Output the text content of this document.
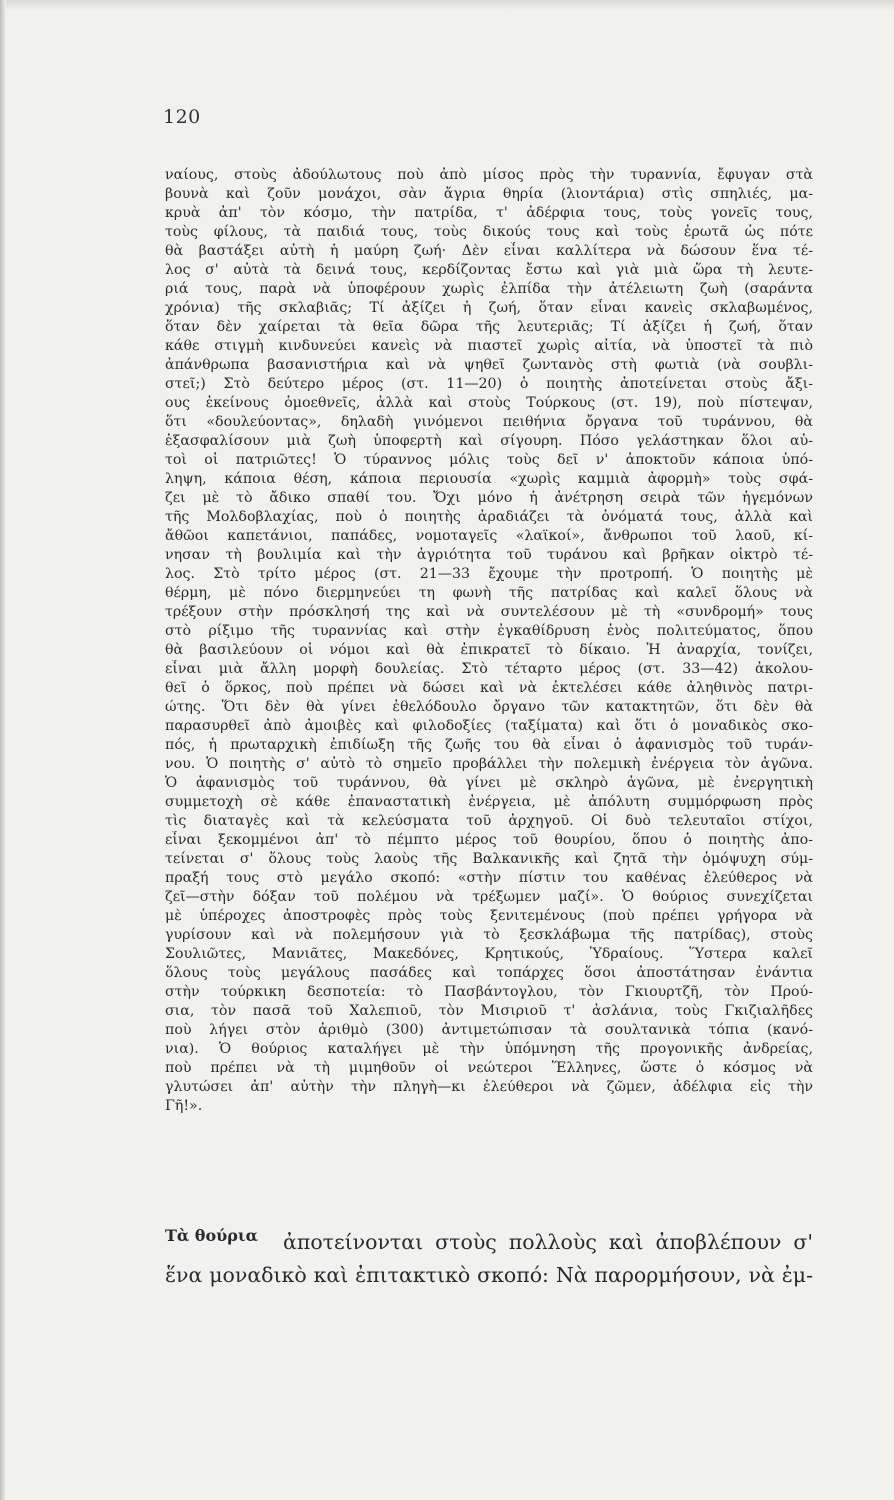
120
ναίους, στοὺς ἀδούλωτους ποὺ ἀπὸ μίσος πρὸς τὴν τυραννία, ἔφυγαν στὰ
βουνὰ καὶ ζοῦν μονάχοι, σὰν ἄγρια θηρία (λιοντάρια) στὶς σπηλιές, μα-
κρυὰ ἀπ' τὸν κόσμο, τὴν πατρίδα, τ' ἀδέρφια τους, τοὺς γονεῖς τους,
τοὺς φίλους, τὰ παιδιά τους, τοὺς δικούς τους καὶ τοὺς ἐρωτᾶ ὡς πότε
θὰ βαστάξει αὐτὴ ἡ μαύρη ζωή· Δὲν εἶναι καλλίτερα νὰ δώσουν ἕνα τέ-
λος σ' αὐτὰ τὰ δεινά τους, κερδίζοντας ἔστω καὶ γιὰ μιὰ ὥρα τὴ λευτε-
ριά τους, παρὰ νὰ ὑποφέρουν χωρὶς ἐλπίδα τὴν ἀτέλειωτη ζωὴ (σαράντα
χρόνια) τῆς σκλαβιᾶς; Τί ἀξίζει ἡ ζωή, ὅταν εἶναι κανεὶς σκλαβωμένος,
ὅταν δὲν χαίρεται τὰ θεῖα δῶρα τῆς λευτεριᾶς; Τί ἀξίζει ἡ ζωή, ὅταν
κάθε στιγμὴ κινδυνεύει κανεὶς νὰ πιαστεῖ χωρὶς αἰτία, νὰ ὑποστεῖ τὰ πιὸ
ἀπάνθρωπα βασανιστήρια καὶ νὰ ψηθεῖ ζωντανὸς στὴ φωτιὰ (νὰ σουβλι-
στεῖ;) Στὸ δεύτερο μέρος (στ. 11—20) ὁ ποιητὴς ἀποτείνεται στοὺς ἄξι-
ους ἐκείνους ὁμοεθνεῖς, ἀλλὰ καὶ στοὺς Τούρκους (στ. 19), ποὺ πίστεψαν,
ὅτι «δουλεύοντας», δηλαδὴ γινόμενοι πειθήνια ὄργανα τοῦ τυράννου, θὰ
ἐξασφαλίσουν μιὰ ζωὴ ὑποφερτὴ καὶ σίγουρη. Πόσο γελάστηκαν ὅλοι αὐ-
τοὶ οἱ πατριῶτες! Ὁ τύραννος μόλις τοὺς δεῖ ν' ἀποκτοῦν κάποια ὑπό-
ληψη, κάποια θέση, κάποια περιουσία «χωρὶς καμμιὰ ἀφορμὴ» τοὺς σφά-
ζει μὲ τὸ ἄδικο σπαθί του. Ὄχι μόνο ἡ ἀνέτρηση σειρὰ τῶν ἡγεμόνων
τῆς Μολδοβλαχίας, ποὺ ὁ ποιητὴς ἀραδιάζει τὰ ὀνόματά τους, ἀλλὰ καὶ
ἄθῶοι καπετάνιοι, παπάδες, νομοταγεῖς «λαϊκοί», ἄνθρωποι τοῦ λαοῦ, κί-
νησαν τὴ βουλιμία καὶ τὴν ἀγριότητα τοῦ τυράνου καὶ βρῆκαν οἰκτρὸ τέ-
λος. Στὸ τρίτο μέρος (στ. 21—33 ἔχουμε τὴν προτροπή. Ὁ ποιητὴς μὲ
θέρμη, μὲ πόνο διερμηνεύει τη φωνὴ τῆς πατρίδας καὶ καλεῖ ὅλους νὰ
τρέξουν στὴν πρόσκλησή της καὶ νὰ συντελέσουν μὲ τὴ «συνδρομή» τους
στὸ ρίξιμο τῆς τυραννίας καὶ στὴν ἐγκαθίδρυση ἑνὸς πολιτεύματος, ὅπου
θὰ βασιλεύουν οἱ νόμοι καὶ θὰ ἐπικρατεῖ τὸ δίκαιο. Ἡ ἀναρχία, τονίζει,
εἶναι μιὰ ἄλλη μορφὴ δουλείας. Στὸ τέταρτο μέρος (στ. 33—42) ἀκολου-
θεῖ ὁ ὅρκος, ποὺ πρέπει νὰ δώσει καὶ νὰ ἐκτελέσει κάθε ἀληθινὸς πατρι-
ώτης. Ὅτι δὲν θὰ γίνει ἐθελόδουλο ὄργανο τῶν κατακτητῶν, ὅτι δὲν θὰ
παρασυρθεῖ ἀπὸ ἀμοιβὲς καὶ φιλοδοξίες (ταξίματα) καὶ ὅτι ὁ μοναδικὸς σκο-
πός, ἡ πρωταρχικὴ ἐπιδίωξη τῆς ζωῆς του θὰ εἶναι ὁ ἀφανισμὸς τοῦ τυράν-
νου. Ὁ ποιητὴς σ' αὐτὸ τὸ σημεῖο προβάλλει τὴν πολεμικὴ ἐνέργεια τὸν ἀγῶνα.
Ὁ ἀφανισμὸς τοῦ τυράννου, θὰ γίνει μὲ σκληρὸ ἀγῶνα, μὲ ἐνεργητικὴ
συμμετοχὴ σὲ κάθε ἐπαναστατικὴ ἐνέργεια, μὲ ἀπόλυτη συμμόρφωση πρὸς
τὶς διαταγὲς καὶ τὰ κελεύσματα τοῦ ἀρχηγοῦ. Οἱ δυὸ τελευταῖοι στίχοι,
εἶναι ξεκομμένοι ἀπ' τὸ πέμπτο μέρος τοῦ θουρίου, ὅπου ὁ ποιητὴς ἀπο-
τείνεται σ' ὅλους τοὺς λαοὺς τῆς Βαλκανικῆς καὶ ζητᾶ τὴν ὁμόψυχη σύμ-
πραξή τους στὸ μεγάλο σκοπό: «στὴν πίστιν του καθένας ἐλεύθερος νὰ
ζεῖ—στὴν δόξαν τοῦ πολέμου νὰ τρέξωμεν μαζί». Ὁ θούριος συνεχίζεται
μὲ ὑπέροχες ἀποστροφὲς πρὸς τοὺς ξενιτεμένους (ποὺ πρέπει γρήγορα νὰ
γυρίσουν καὶ νὰ πολεμήσουν γιὰ τὸ ξεσκλάβωμα τῆς πατρίδας), στοὺς
Σουλιῶτες, Μανιᾶτες, Μακεδόνες, Κρητικούς, Ὑδραίους. Ὕστερα καλεῖ
ὅλους τοὺς μεγάλους πασάδες καὶ τοπάρχες ὅσοι ἀποστάτησαν ἐνάντια
στὴν τούρκικη δεσποτεία: τὸ Πασβάντογλου, τὸν Γκιουρτζῆ, τὸν Πρού-
σια, τὸν πασᾶ τοῦ Χαλεπιοῦ, τὸν Μισιριοῦ τ' ἀσλάνια, τοὺς Γκιζιαλῆδες
ποὺ λήγει στὸν ἀριθμὸ (300) ἀντιμετώπισαν τὰ σουλτανικὰ τόπια (κανό-
νια). Ὁ θούριος καταλήγει μὲ τὴν ὑπόμνηση τῆς προγονικῆς ἀνδρείας,
ποὺ πρέπει νὰ τὴ μιμηθοῦν οἱ νεώτεροι Ἕλληνες, ὥστε ὁ κόσμος νὰ
γλυτώσει ἀπ' αὐτὴν τὴν πληγὴ—κι ἐλεύθεροι νὰ ζῶμεν, ἀδέλφια εἰς τὴν
Γῆ!».
Τὰ θούρια	ἀποτείνονται στοὺς πολλοὺς καὶ ἀποβλέπουν σ'
ἕνα μοναδικὸ καὶ ἐπιτακτικὸ σκοπό: Νὰ παρορμήσουν, νὰ ἐμ-
